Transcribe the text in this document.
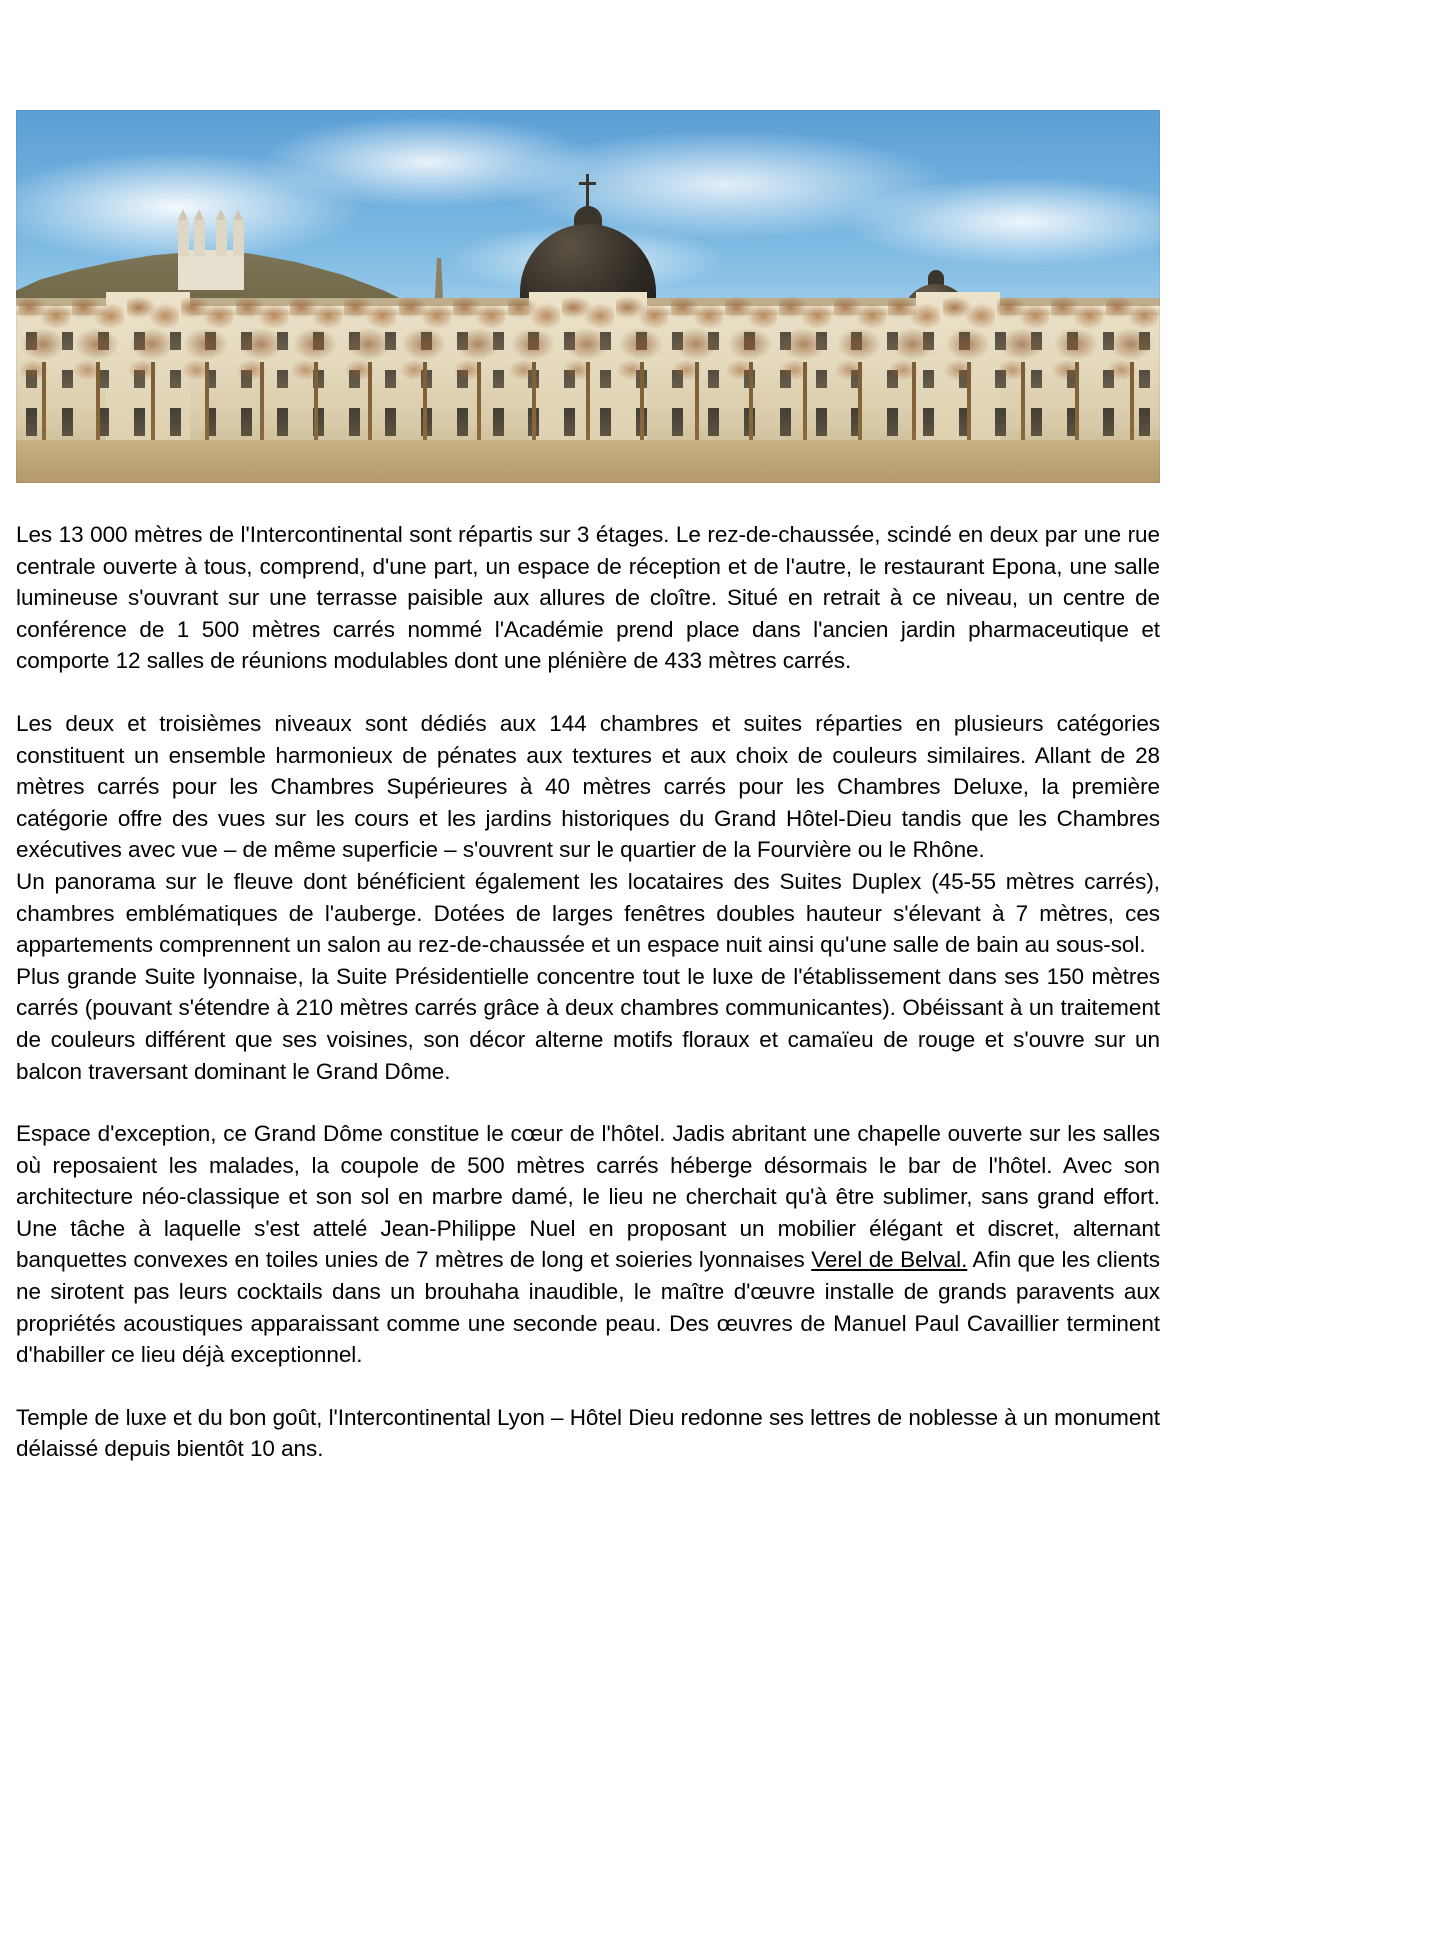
Les 13 000 mètres de l'Intercontinental sont répartis sur 3 étages. Le rez-de-chaussée, scindé en deux par une rue centrale ouverte à tous, comprend, d'une part, un espace de réception et de l'autre, le restaurant Epona, une salle lumineuse s'ouvrant sur une terrasse paisible aux allures de cloître. Situé en retrait à ce niveau, un centre de conférence de 1 500 mètres carrés nommé l'Académie prend place dans l'ancien jardin pharmaceutique et comporte 12 salles de réunions modulables dont une plénière de 433 mètres carrés.

Les deux et troisièmes niveaux sont dédiés aux 144 chambres et suites réparties en plusieurs catégories constituent un ensemble harmonieux de pénates aux textures et aux choix de couleurs similaires. Allant de 28 mètres carrés pour les Chambres Supérieures à 40 mètres carrés pour les Chambres Deluxe, la première catégorie offre des vues sur les cours et les jardins historiques du Grand Hôtel-Dieu tandis que les Chambres exécutives avec vue – de même superficie – s'ouvrent sur le quartier de la Fourvière ou le Rhône.

Un panorama sur le fleuve dont bénéficient également les locataires des Suites Duplex (45-55 mètres carrés), chambres emblématiques de l'auberge. Dotées de larges fenêtres doubles hauteur s'élevant à 7 mètres, ces appartements comprennent un salon au rez-de-chaussée et un espace nuit ainsi qu'une salle de bain au sous-sol.

Plus grande Suite lyonnaise, la Suite Présidentielle concentre tout le luxe de l'établissement dans ses 150 mètres carrés (pouvant s'étendre à 210 mètres carrés grâce à deux chambres communicantes). Obéissant à un traitement de couleurs différent que ses voisines, son décor alterne motifs floraux et camaïeu de rouge et s'ouvre sur un balcon traversant dominant le Grand Dôme.

Espace d'exception, ce Grand Dôme constitue le cœur de l'hôtel. Jadis abritant une chapelle ouverte sur les salles où reposaient les malades, la coupole de 500 mètres carrés héberge désormais le bar de l'hôtel. Avec son architecture néo-classique et son sol en marbre damé, le lieu ne cherchait qu'à être sublimer, sans grand effort. Une tâche à laquelle s'est attelé Jean-Philippe Nuel en proposant un mobilier élégant et discret, alternant banquettes convexes en toiles unies de 7 mètres de long et soieries lyonnaises Verel de Belval. Afin que les clients ne sirotent pas leurs cocktails dans un brouhaha inaudible, le maître d'œuvre installe de grands paravents aux propriétés acoustiques apparaissant comme une seconde peau. Des œuvres de Manuel Paul Cavaillier terminent d'habiller ce lieu déjà exceptionnel.

Temple de luxe et du bon goût, l'Intercontinental Lyon – Hôtel Dieu redonne ses lettres de noblesse à un monument délaissé depuis bientôt 10 ans.
